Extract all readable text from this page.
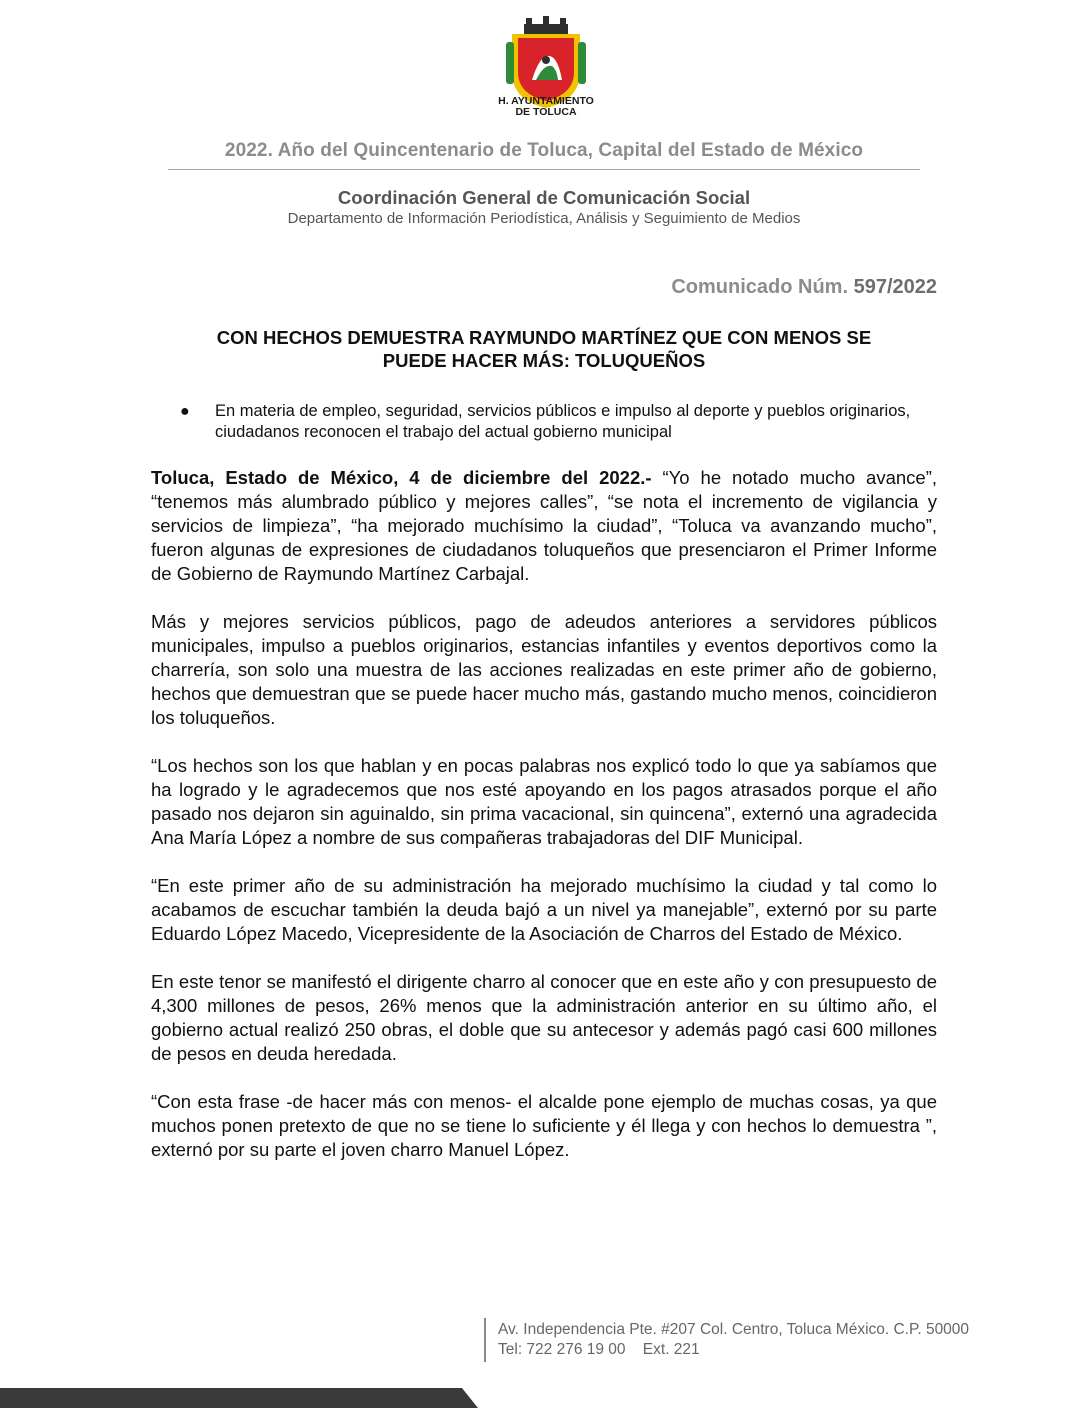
H. AYUNTAMIENTO
DE TOLUCA
2022. Año del Quincentenario de Toluca, Capital del Estado de México
Coordinación General de Comunicación Social
Departamento de Información Periodística, Análisis y Seguimiento de Medios
Comunicado Núm. 597/2022
CON HECHOS DEMUESTRA RAYMUNDO MARTÍNEZ QUE CON MENOS SE
PUEDE HACER MÁS: TOLUQUEÑOS
● En materia de empleo, seguridad, servicios públicos e impulso al deporte y pueblos originarios, ciudadanos reconocen el trabajo del actual gobierno municipal

Toluca, Estado de México, 4 de diciembre del 2022.- “Yo he notado mucho avance”, “tenemos más alumbrado público y mejores calles”, “se nota el incremento de vigilancia y servicios de limpieza”, “ha mejorado muchísimo la ciudad”, “Toluca va avanzando mucho”, fueron algunas de expresiones de ciudadanos toluqueños que presenciaron el Primer Informe de Gobierno de Raymundo Martínez Carbajal.

Más y mejores servicios públicos, pago de adeudos anteriores a servidores públicos municipales, impulso a pueblos originarios, estancias infantiles y eventos deportivos como la charrería, son solo una muestra de las acciones realizadas en este primer año de gobierno, hechos que demuestran que se puede hacer mucho más, gastando mucho menos, coincidieron los toluqueños.

“Los hechos son los que hablan y en pocas palabras nos explicó todo lo que ya sabíamos que ha logrado y le agradecemos que nos esté apoyando en los pagos atrasados porque el año pasado nos dejaron sin aguinaldo, sin prima vacacional, sin quincena”, externó una agradecida Ana María López a nombre de sus compañeras trabajadoras del DIF Municipal.

“En este primer año de su administración ha mejorado muchísimo la ciudad y tal como lo acabamos de escuchar también la deuda bajó a un nivel ya manejable”, externó por su parte Eduardo López Macedo, Vicepresidente de la Asociación de Charros del Estado de México.

En este tenor se manifestó el dirigente charro al conocer que en este año y con presupuesto de 4,300 millones de pesos, 26% menos que la administración anterior en su último año, el gobierno actual realizó 250 obras, el doble que su antecesor y además pagó casi 600 millones de pesos en deuda heredada.

“Con esta frase -de hacer más con menos- el alcalde pone ejemplo de muchas cosas, ya que muchos ponen pretexto de que no se tiene lo suficiente y él llega y con hechos lo demuestra ”, externó por su parte el joven charro Manuel López.

Av. Independencia Pte. #207 Col. Centro, Toluca México. C.P. 50000
Tel: 722 276 19 00 Ext. 221
